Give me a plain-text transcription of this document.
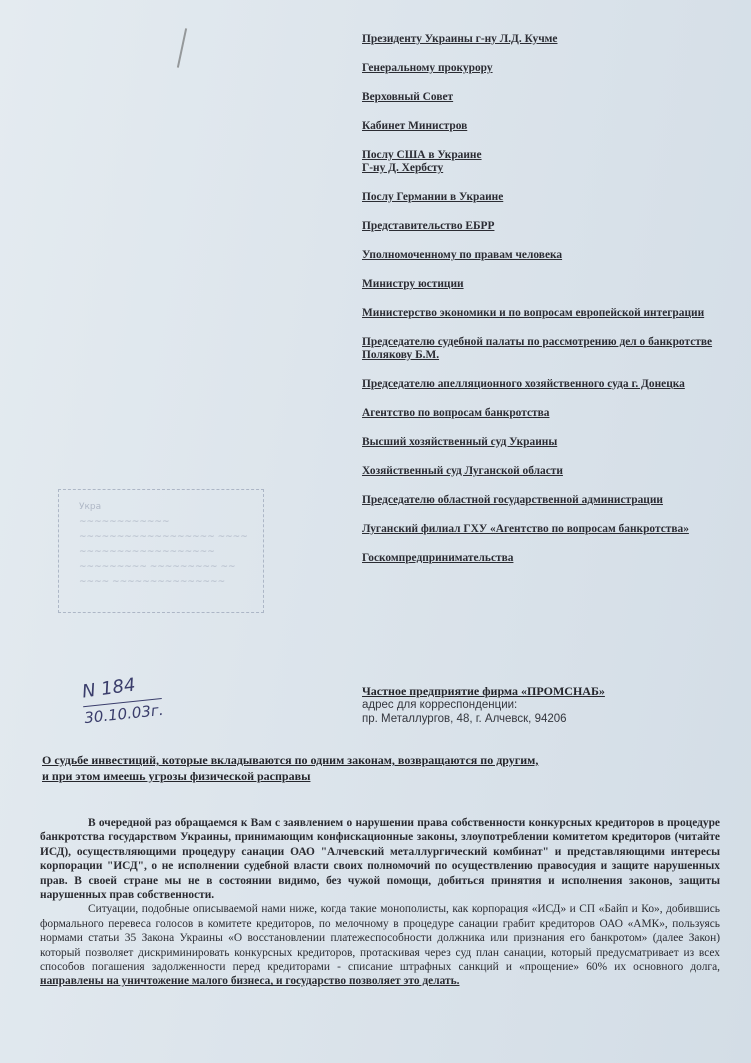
Президенту Украины г-ну Л.Д. Кучме
Генеральному прокурору
Верховный Совет
Кабинет Министров
Послу США в Украине
Г-ну Д. Хербсту
Послу Германии в Украине
Представительство ЕБРР
Уполномоченному по правам человека
Министру юстиции
Министерство экономики и по вопросам европейской интеграции
Председателю судебной палаты по рассмотрению дел о банкротстве Полякову Б.М.
Председателю апелляционного хозяйственного суда г. Донецка
Агентство по вопросам банкротства
Высший хозяйственный суд Украины
Хозяйственный суд Луганской области
Председателю областной государственной администрации
Луганский филиал ГХУ «Агентство по вопросам банкротства»
Госкомпредпринимательства
Укра
~~~~~~~~~~~~
~~~~~~~~~~~~~~~~~~ ~~~~
~~~~~~~~~~~~~~~~~~
~~~~~~~~~ ~~~~~~~~~ ~~
~~~~ ~~~~~~~~~~~~~~~
N 184
30.10.03г.
Частное предприятие фирма «ПРОМСНАБ»
адрес для корреспонденции:
пр. Металлургов, 48, г. Алчевск, 94206
О судьбе инвестиций, которые вкладываются по одним законам, возвращаются по другим, и при этом имеешь угрозы физической расправы

В очередной раз обращаемся к Вам с заявлением о нарушении права собственности конкурсных кредиторов в процедуре банкротства государством Украины, принимающим конфискационные законы, злоупотреблении комитетом кредиторов (читайте ИСД), осуществляющими процедуру санации ОАО "Алчевский металлургический комбинат" и представляющими интересы корпорации "ИСД", о не исполнении судебной власти своих полномочий по осуществлению правосудия и защите нарушенных прав. В своей стране мы не в состоянии видимо, без чужой помощи, добиться принятия и исполнения законов, защиты нарушенных прав собственности.

Ситуации, подобные описываемой нами ниже, когда такие монополисты, как корпорация «ИСД» и СП «Байп и Ко», добившись формального перевеса голосов в комитете кредиторов, по мелочному в процедуре санации грабит кредиторов ОАО «АМК», пользуясь нормами статьи 35 Закона Украины «О восстановлении платежеспособности должника или признания его банкротом» (далее Закон) который позволяет дискриминировать конкурсных кредиторов, протаскивая через суд план санации, который предусматривает из всех способов погашения задолженности перед кредиторами - списание штрафных санкций и «прощение» 60% их основного долга, направлены на уничтожение малого бизнеса, и государство позволяет это делать.
